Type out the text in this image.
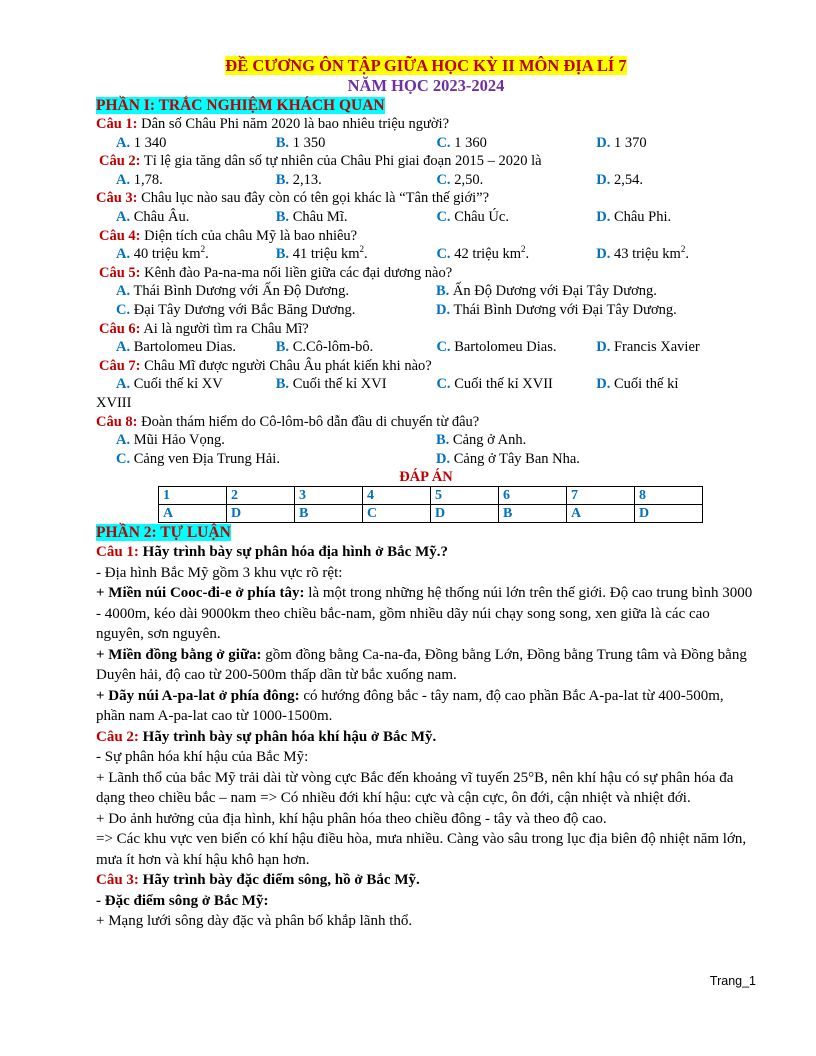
ĐỀ CƯƠNG ÔN TẬP GIỮA HỌC KỲ II MÔN ĐỊA LÍ 7
NĂM HỌC 2023-2024
PHẦN I: TRẮC NGHIỆM KHÁCH QUAN
Câu 1: Dân số Châu Phi năm 2020 là bao nhiêu triệu người?
A. 1 340	B. 1 350	C. 1 360	D. 1 370
Câu 2: Tỉ lệ gia tăng dân số tự nhiên của Châu Phi giai đoạn 2015 – 2020 là
A. 1,78.	B. 2,13.	C. 2,50.	D. 2,54.
Câu 3: Châu lục nào sau đây còn có tên gọi khác là “Tân thế giới”?
A. Châu Âu.	B. Châu Mĩ.	C. Châu Úc.	D. Châu Phi.
Câu 4: Diện tích của châu Mỹ là bao nhiêu?
A. 40 triệu $km^2$.	B. 41 triệu $km^2$.	C. 42 triệu $km^2$.	D. 43 triệu $km^2$.
Câu 5: Kênh đào Pa-na-ma nối liền giữa các đại dương nào?
A. Thái Bình Dương với Ấn Độ Dương.	B. Ấn Độ Dương với Đại Tây Dương.
C. Đại Tây Dương với Bắc Băng Dương.	D. Thái Bình Dương với Đại Tây Dương.
Câu 6: Ai là người tìm ra Châu Mĩ?
A. Bartolomeu Dias.	B. C.Cô-lôm-bô.	C. Bartolomeu Dias.	D. Francis Xavier
Câu 7: Châu Mĩ được người Châu Âu phát kiến khi nào?
A. Cuối thế kỉ XV	B. Cuối thế kỉ XVI	C. Cuối thế kỉ XVII	D. Cuối thế kỉ
XVIII
Câu 8: Đoàn thám hiểm do Cô-lôm-bô dẫn đầu di chuyển từ đâu?
A. Mũi Hảo Vọng.	B. Cảng ở Anh.
C. Cảng ven Địa Trung Hải.	D. Cảng ở Tây Ban Nha.
ĐÁP ÁN
1	2	3	4	5	6	7	8
A	D	B	C	D	B	A	D
PHẦN 2: TỰ LUẬN
Câu 1: Hãy trình bày sự phân hóa địa hình ở Bắc Mỹ.?
- Địa hình Bắc Mỹ gồm 3 khu vực rõ rệt:
+ Miền núi Cooc-đi-e ở phía tây: là một trong những hệ thống núi lớn trên thế giới. Độ cao trung bình 3000 - 4000m, kéo dài 9000km theo chiều bắc-nam, gồm nhiều dãy núi chạy song song, xen giữa là các cao nguyên, sơn nguyên.
+ Miền đồng bằng ở giữa: gồm đồng bằng Ca-na-đa, Đồng bằng Lớn, Đồng bằng Trung tâm và Đồng bằng Duyên hải, độ cao từ 200-500m thấp dần từ bắc xuống nam.
+ Dãy núi A-pa-lat ở phía đông: có hướng đông bắc - tây nam, độ cao phần Bắc A-pa-lat từ 400-500m, phần nam A-pa-lat cao từ 1000-1500m.
Câu 2: Hãy trình bày sự phân hóa khí hậu ở Bắc Mỹ.
- Sự phân hóa khí hậu của Bắc Mỹ:
+ Lãnh thổ của bắc Mỹ trải dài từ vòng cực Bắc đến khoảng vĩ tuyến 25°B, nên khí hậu có sự phân hóa đa dạng theo chiều bắc – nam => Có nhiều đới khí hậu: cực và cận cực, ôn đới, cận nhiệt và nhiệt đới.
+ Do ảnh hưởng của địa hình, khí hậu phân hóa theo chiều đông - tây và theo độ cao.
=> Các khu vực ven biển có khí hậu điều hòa, mưa nhiều. Càng vào sâu trong lục địa biên độ nhiệt năm lớn, mưa ít hơn và khí hậu khô hạn hơn.
Câu 3: Hãy trình bày đặc điểm sông, hồ ở Bắc Mỹ.
- Đặc điểm sông ở Bắc Mỹ:
+ Mạng lưới sông dày đặc và phân bố khắp lãnh thổ.
Trang_1
